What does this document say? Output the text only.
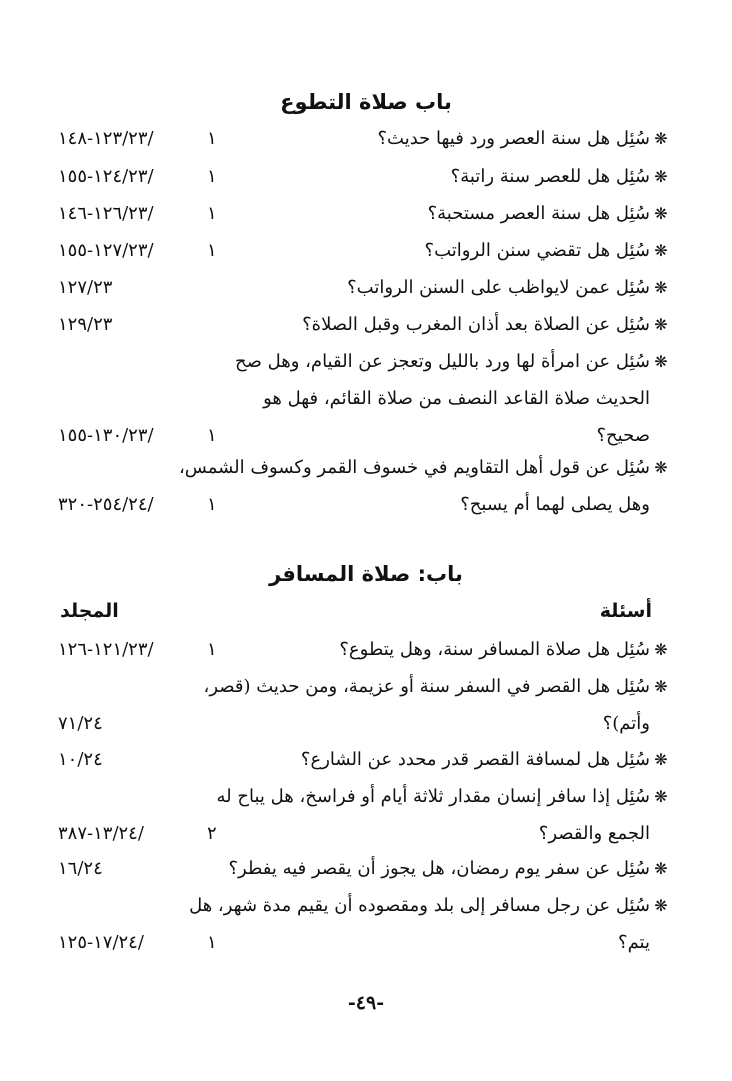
باب صلاة التطوع
❋سُئِل هل سنة العصر ورد فيها حديث؟
١
١٢٣/٢٣-١٤٨/
❋سُئِل هل للعصر سنة راتبة؟
١
١٢٤/٢٣-١٥٥/
❋سُئِل هل سنة العصر مستحبة؟
١
١٢٦/٢٣-١٤٦/
❋سُئِل هل تقضي سنن الرواتب؟
١
١٢٧/٢٣-١٥٥/
❋سُئِل عمن لايواظب على السنن الرواتب؟
١٢٧/٢٣
❋سُئِل عن الصلاة بعد أذان المغرب وقبل الصلاة؟
١٢٩/٢٣
❋سُئِل عن امرأة لها ورد بالليل وتعجز عن القيام، وهل صح
الحديث صلاة القاعد النصف من صلاة القائم، فهل هو
صحيح؟
١
١٣٠/٢٣-١٥٥/
❋سُئِل عن قول أهل التقاويم في خسوف القمر وكسوف الشمس،
وهل يصلى لهما أم يسبح؟
١
٢٥٤/٢٤-٣٢٠/
باب: صلاة المسافر
أسئلة
المجلد
❋سُئِل هل صلاة المسافر سنة، وهل يتطوع؟
١
١٢١/٢٣-١٢٦/
❋سُئِل هل القصر في السفر سنة أو عزيمة، ومن حديث (قصر،
وأتم)؟
٧١/٢٤
❋سُئِل هل لمسافة القصر قدر محدد عن الشارع؟
١٠/٢٤
❋سُئِل إذا سافر إنسان مقدار ثلاثة أيام أو فراسخ، هل يباح له
الجمع والقصر؟
٢
١٣/٢٤-٣٨٧/
❋سُئِل عن سفر يوم رمضان، هل يجوز أن يقصر فيه يفطر؟
١٦/٢٤
❋سُئِل عن رجل مسافر إلى بلد ومقصوده أن يقيم مدة شهر، هل
يتم؟
١
١٧/٢٤-١٢٥/
-٤٩-
